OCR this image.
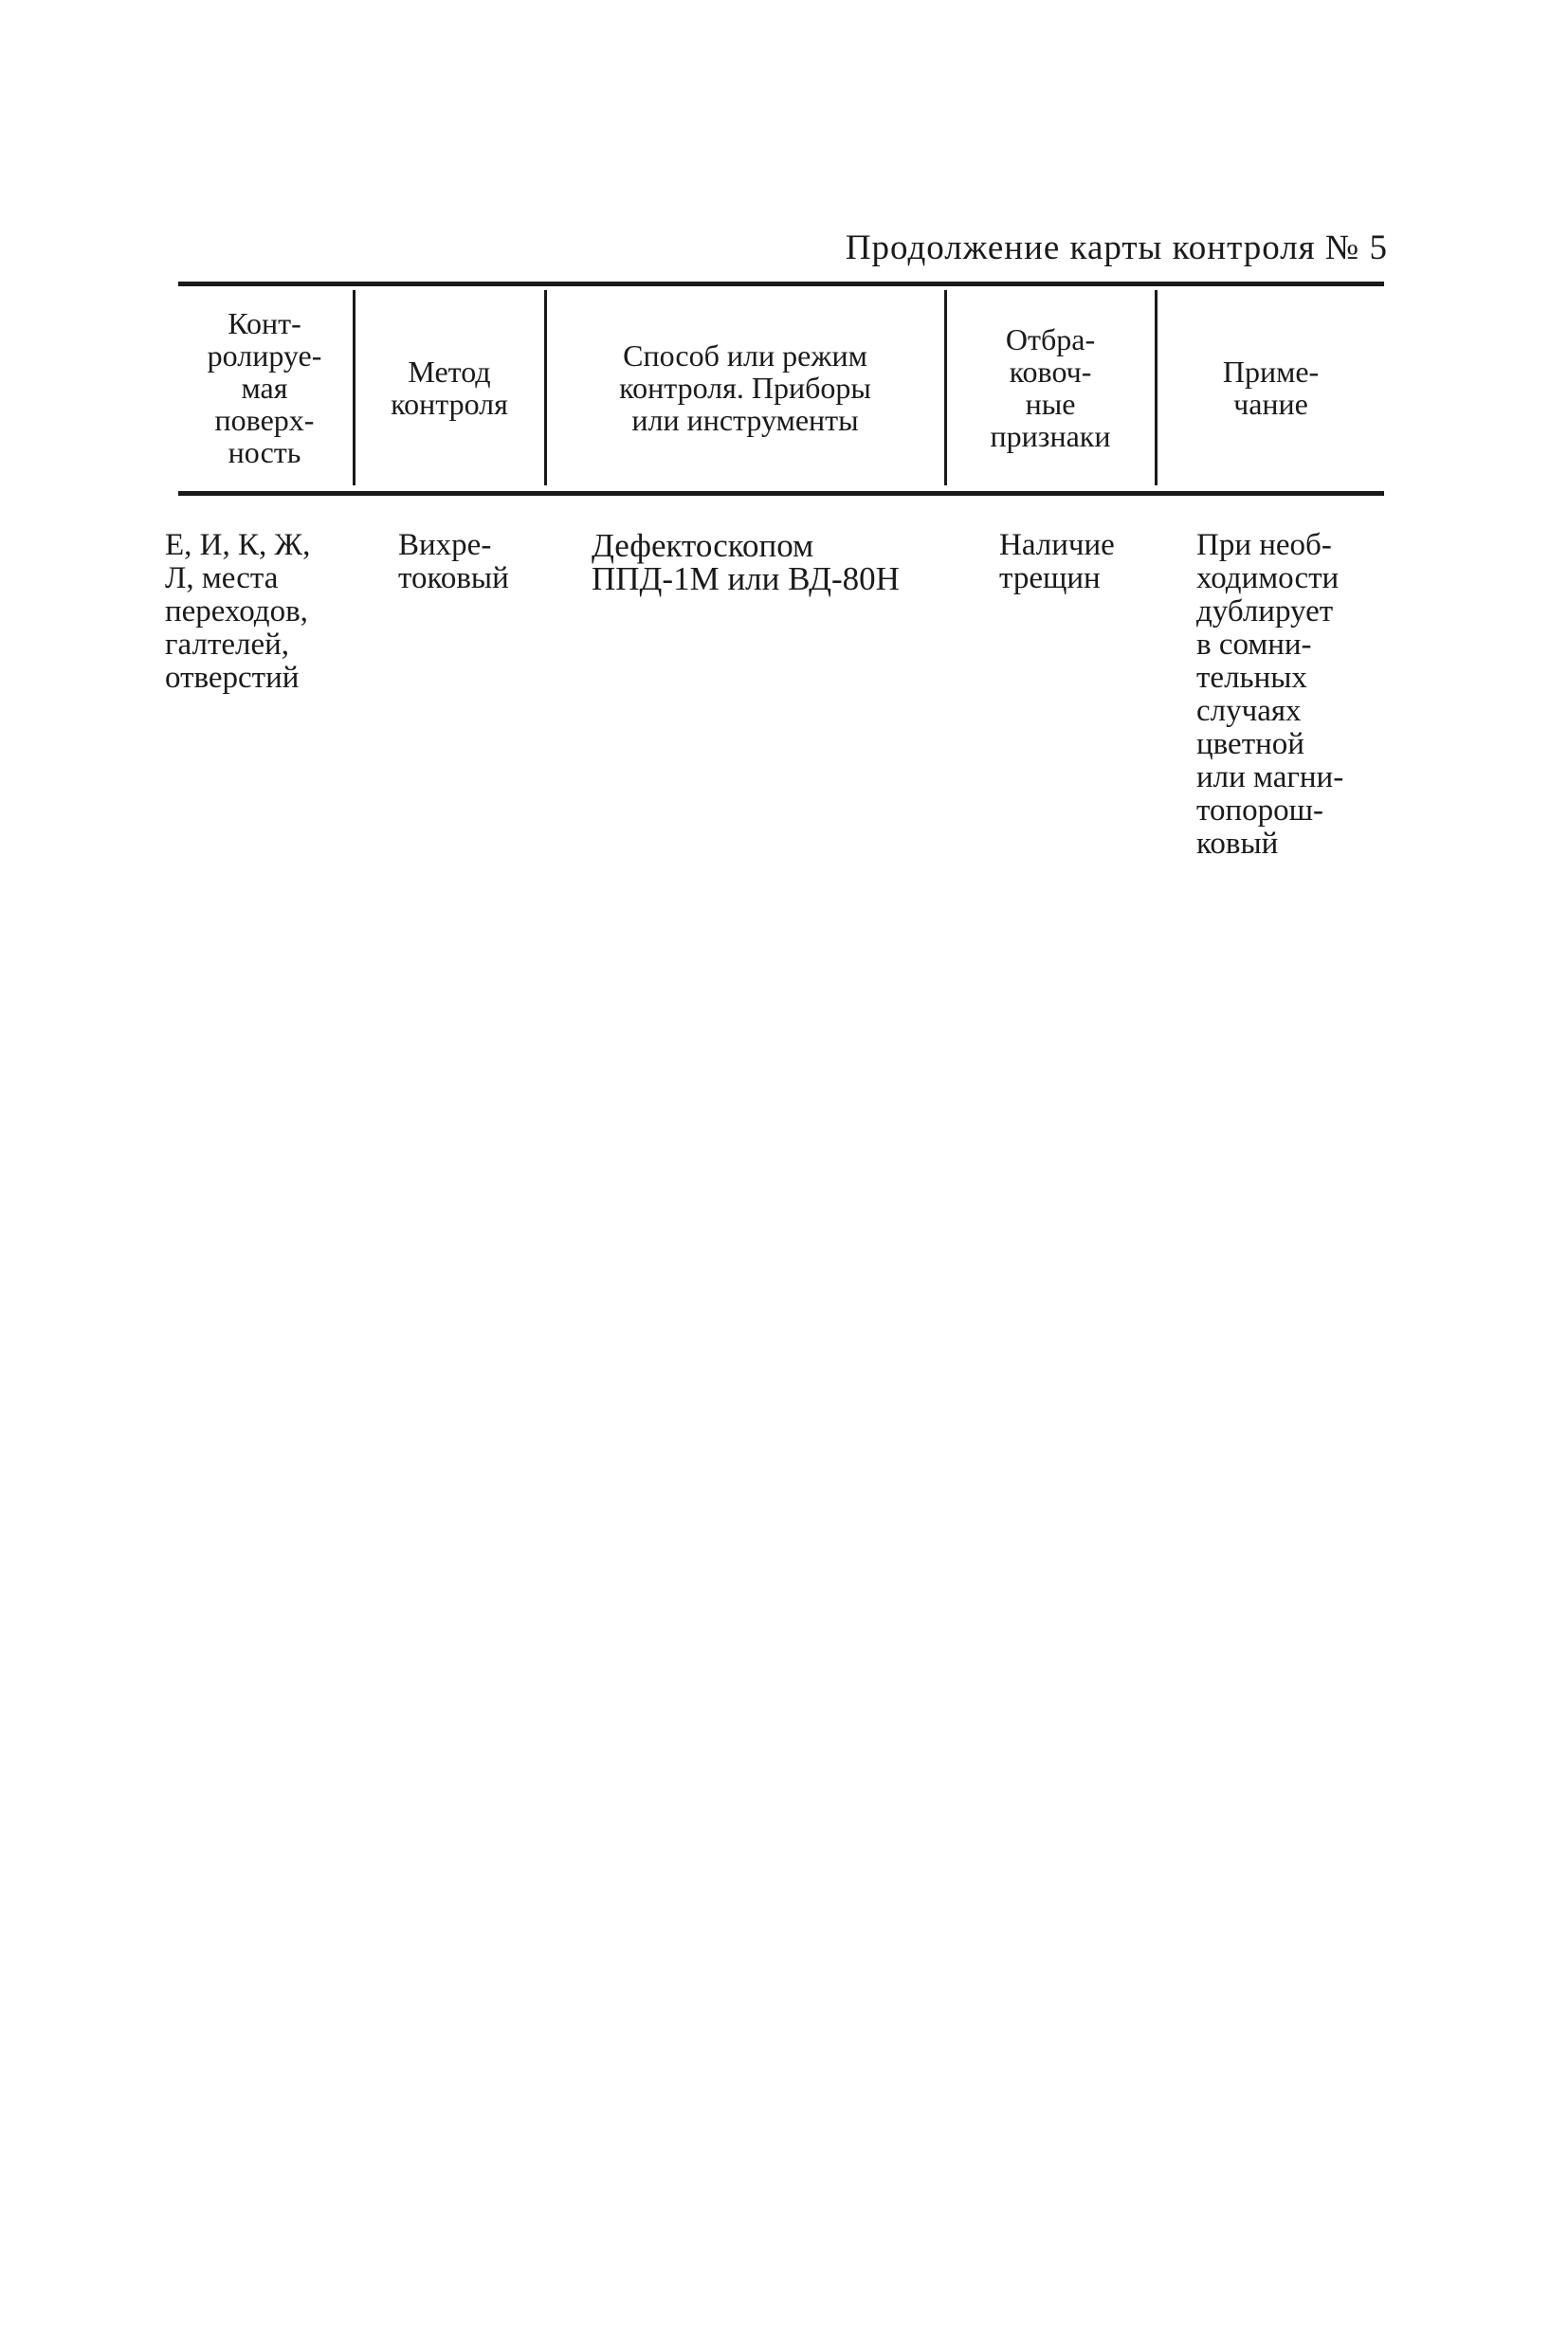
Продолжение карты контроля № 5
Конт-
ролируе-
мая
поверх-
ность
Метод
контроля
Способ или режим
контроля. Приборы
или инструменты
Отбра-
ковоч-
ные
признаки
Приме-
чание
Е, И, К, Ж,
Л, места
переходов,
галтелей,
отверстий
Вихре-
токовый
Дефектоскопом
ППД-1М или ВД-80Н
Наличие
трещин
При необ-
ходимости
дублирует
в сомни-
тельных
случаях
цветной
или магни-
топорош-
ковый
